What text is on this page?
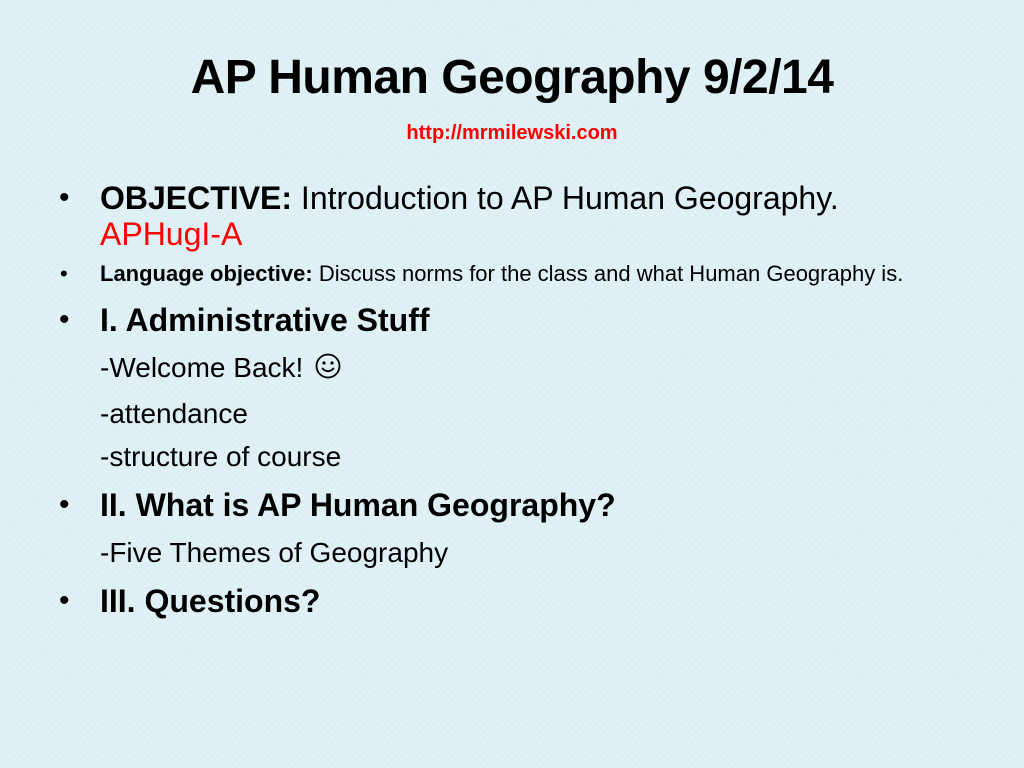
AP Human Geography 9/2/14
http://mrmilewski.com
• OBJECTIVE: Introduction to AP Human Geography. APHugI-A
• Language objective: Discuss norms for the class and what Human Geography is.
• I. Administrative Stuff
-Welcome Back!
-attendance
-structure of course
• II. What is AP Human Geography?
-Five Themes of Geography
• III. Questions?
